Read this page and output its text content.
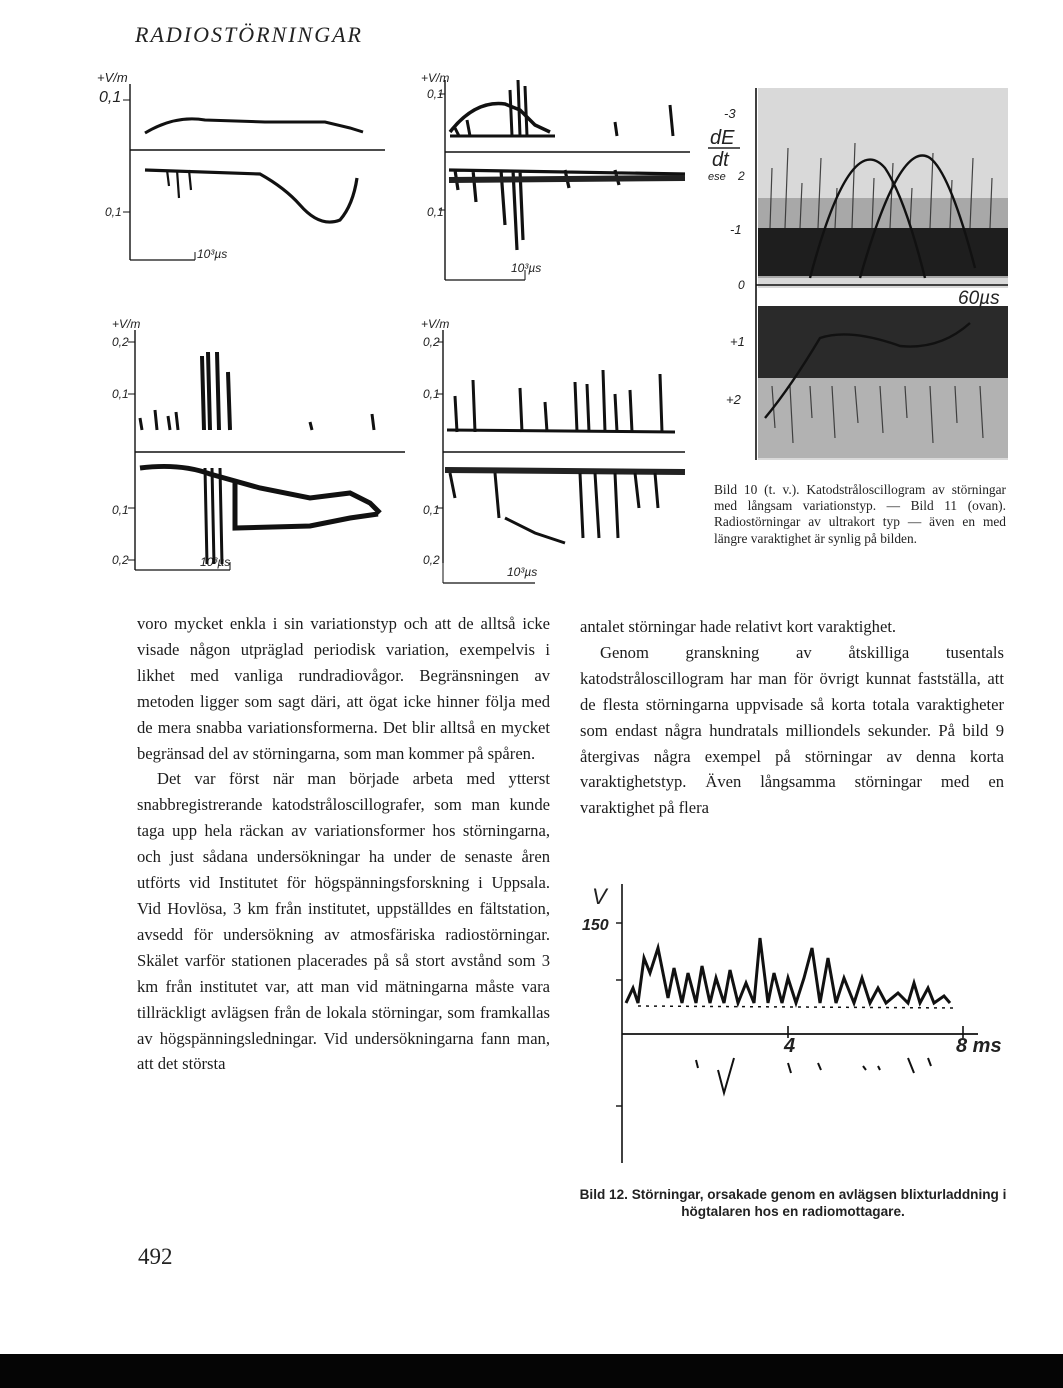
RADIOSTÖRNINGAR
+V/m
0,1
0,1
10³µs
+V/m
0,1
0,1
10³µs
+V/m
0,2
0,1
0,1
0,2	10³µs
+V/m
0,2
0,1
0,1
0,2
10³µs
-3
dE
dt
ese 2
-1
0
+1
+2
60µs
Bild 10 (t. v.). Katodstråloscillogram av störningar med långsam variationstyp. — Bild 11 (ovan). Radiostörningar av ultrakort typ — även en med längre varaktighet är synlig på bilden.

voro mycket enkla i sin variationstyp och att de alltså icke visade någon utpräglad periodisk variation, exempelvis i likhet med vanliga rundradiovågor. Begränsningen av metoden ligger som sagt däri, att ögat icke hinner följa med de mera snabba variationsformerna. Det blir alltså en mycket begränsad del av störningarna, som man kommer på spåren.

Det var först när man började arbeta med ytterst snabbregistrerande katodstråloscillografer, som man kunde taga upp hela räckan av variationsformer hos störningarna, och just sådana undersökningar ha under de senaste åren utförts vid Institutet för högspänningsforskning i Uppsala. Vid Hovlösa, 3 km från institutet, uppställdes en fältstation, avsedd för undersökning av atmosfäriska radiostörningar. Skälet varför stationen placerades på så stort avstånd som 3 km från institutet var, att man vid mätningarna måste vara tillräckligt avlägsen från de lokala störningar, som framkallas av högspänningsledningar. Vid undersökningarna fann man, att det största

antalet störningar hade relativt kort varaktighet.

Genom granskning av åtskilliga tusentals katodstråloscillogram har man för övrigt kunnat fastställa, att de flesta störningarna uppvisade så korta totala varaktigheter som endast några hundratals milliondels sekunder. På bild 9 återgivas några exempel på störningar av denna korta varaktighetstyp. Även långsamma störningar med en varaktighet på flera

V
150
4	8 ms
Bild 12. Störningar, orsakade genom en avlägsen blixturladdning i högtalaren hos en radiomottagare.
492
